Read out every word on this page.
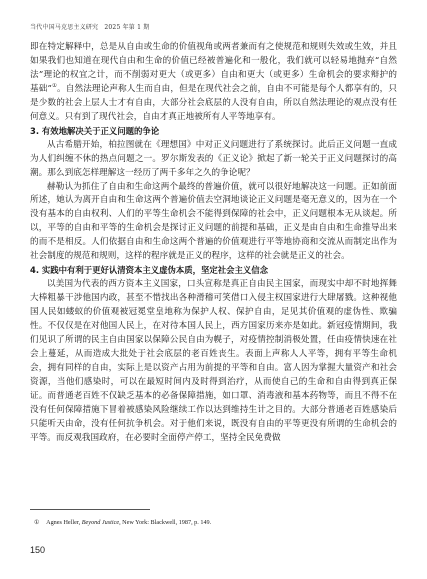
当代中国马克思主义研究　2025 年第 1 期

即在特定解释中，总是从自由或生命的价值视角或两者兼而有之使规范和规则失效或生效，并且如果我们也知道在现代自由和生命的价值已经被普遍化和一般化，我们就可以轻易地抛弃“自然法”理论的权宜之计，而不削弱对更大（或更多）自由和更大（或更多）生命机会的要求辩护的基础”①。自然法理论声称人生而自由，但是在现代社会之前，自由不可能是每个人都享有的，只是少数的社会上层人士才有自由，大部分社会底层的人没有自由，所以自然法理论的观点没有任何意义。只有到了现代社会，自由才真正地被所有人平等地享有。

3. 有效地解决关于正义问题的争论

从古希腊开始，柏拉图就在《理想国》中对正义问题进行了系统探讨。此后正义问题一直成为人们纠缠不休的热点问题之一。罗尔斯发表的《正义论》掀起了新一轮关于正义问题探讨的高潮。那么到底怎样理解这一经历了两千多年之久的争论呢？

赫勒认为抓住了自由和生命这两个最终的普遍价值，就可以很好地解决这一问题。正如前面所述，她认为离开自由和生命这两个普遍价值去空洞地谈论正义问题是毫无意义的，因为在一个没有基本的自由权利、人们的平等生命机会不能得到保障的社会中，正义问题根本无从谈起。所以，平等的自由和平等的生命机会是探讨正义问题的前提和基础，正义是由自由和生命推导出来的而不是相反。人们依据自由和生命这两个普遍的价值观进行平等地协商和交流从而制定出作为社会制度的规范和规则，这样的程序就是正义的程序，这样的社会就是正义的社会。

4. 实践中有利于更好认清资本主义虚伪本质，坚定社会主义信念

以美国为代表的西方资本主义国家，口头宣称是真正自由民主国家，而现实中却不时地挥舞大棒粗暴干涉他国内政，甚至不惜找出各种滑稽可笑借口入侵主权国家进行大肆屠戮。这种视他国人民如蝼蚁的价值观被冠冕堂皇地称为保护人权、保护自由，足见其价值观的虚伪性、欺骗性。不仅仅是在对他国人民上，在对待本国人民上，西方国家历来亦是如此。新冠疫情期间，我们见识了所谓的民主自由国家以保障公民自由为幌子，对疫情控制消极处置，任由疫情快速在社会上蔓延，从而造成大批处于社会底层的老百姓丧生。表面上声称人人平等，拥有平等生命机会，拥有同样的自由，实际上是以资产占用为前提的平等和自由。富人因为掌握大量资产和社会资源，当他们感染时，可以在最短时间内及时得到治疗，从而使自己的生命和自由得到真正保证。而普通老百姓不仅缺乏基本的必备保障措施，如口罩、消毒液和基本药物等，而且不得不在没有任何保障措施下冒着被感染风险继续工作以达到维持生计之目的。大部分普通老百姓感染后只能听天由命，没有任何抗争机会。对于他们来说，既没有自由的平等更没有所谓的生命机会的平等。而反观我国政府，在必要时全面停产停工，坚持全民免费做

① Agnes Heller, Beyond Justice, New York: Blackwell, 1987, p. 149.
150
